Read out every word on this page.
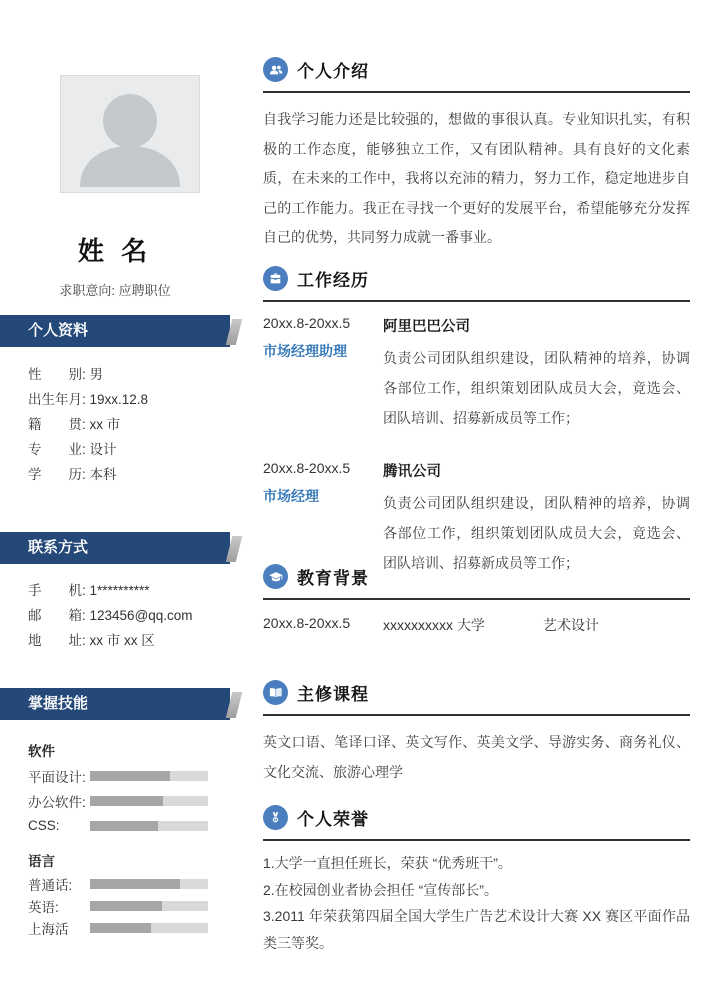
姓 名
求职意向: 应聘职位
个人资料
性　　别: 男
出生年月: 19xx.12.8
籍　　贯: xx 市
专　　业: 设计
学　　历: 本科
联系方式
手　　机: 1**********
邮　　箱: 123456@qq.com
地　　址: xx 市 xx 区
掌握技能
软件
平面设计:
办公软件:
CSS:
语言
普通话:
英语:
上海活
个人介绍
自我学习能力还是比较强的，想做的事很认真。专业知识扎实，有积极的工作态度，能够独立工作，又有团队精神。具有良好的文化素质，在未来的工作中，我将以充沛的精力，努力工作，稳定地进步自己的工作能力。我正在寻找一个更好的发展平台，希望能够充分发挥自己的优势，共同努力成就一番事业。
工作经历
20xx.8-20xx.5
市场经理助理
阿里巴巴公司
负责公司团队组织建设，团队精神的培养，协调各部位工作，组织策划团队成员大会，竟选会、团队培训、招募新成员等工作；
20xx.8-20xx.5
市场经理
腾讯公司
负责公司团队组织建设，团队精神的培养，协调各部位工作，组织策划团队成员大会，竟选会、团队培训、招募新成员等工作；
教育背景
20xx.8-20xx.5	xxxxxxxxxx 大学	艺术设计
主修课程
英文口语、笔译口译、英文写作、英美文学、导游实务、商务礼仪、文化交流、旅游心理学
个人荣誉

1.大学一直担任班长，荣获 “优秀班干”。

2.在校园创业者协会担任 “宣传部长”。

3.2011 年荣获第四届全国大学生广告艺术设计大赛 XX 赛区平面作品类三等奖。
